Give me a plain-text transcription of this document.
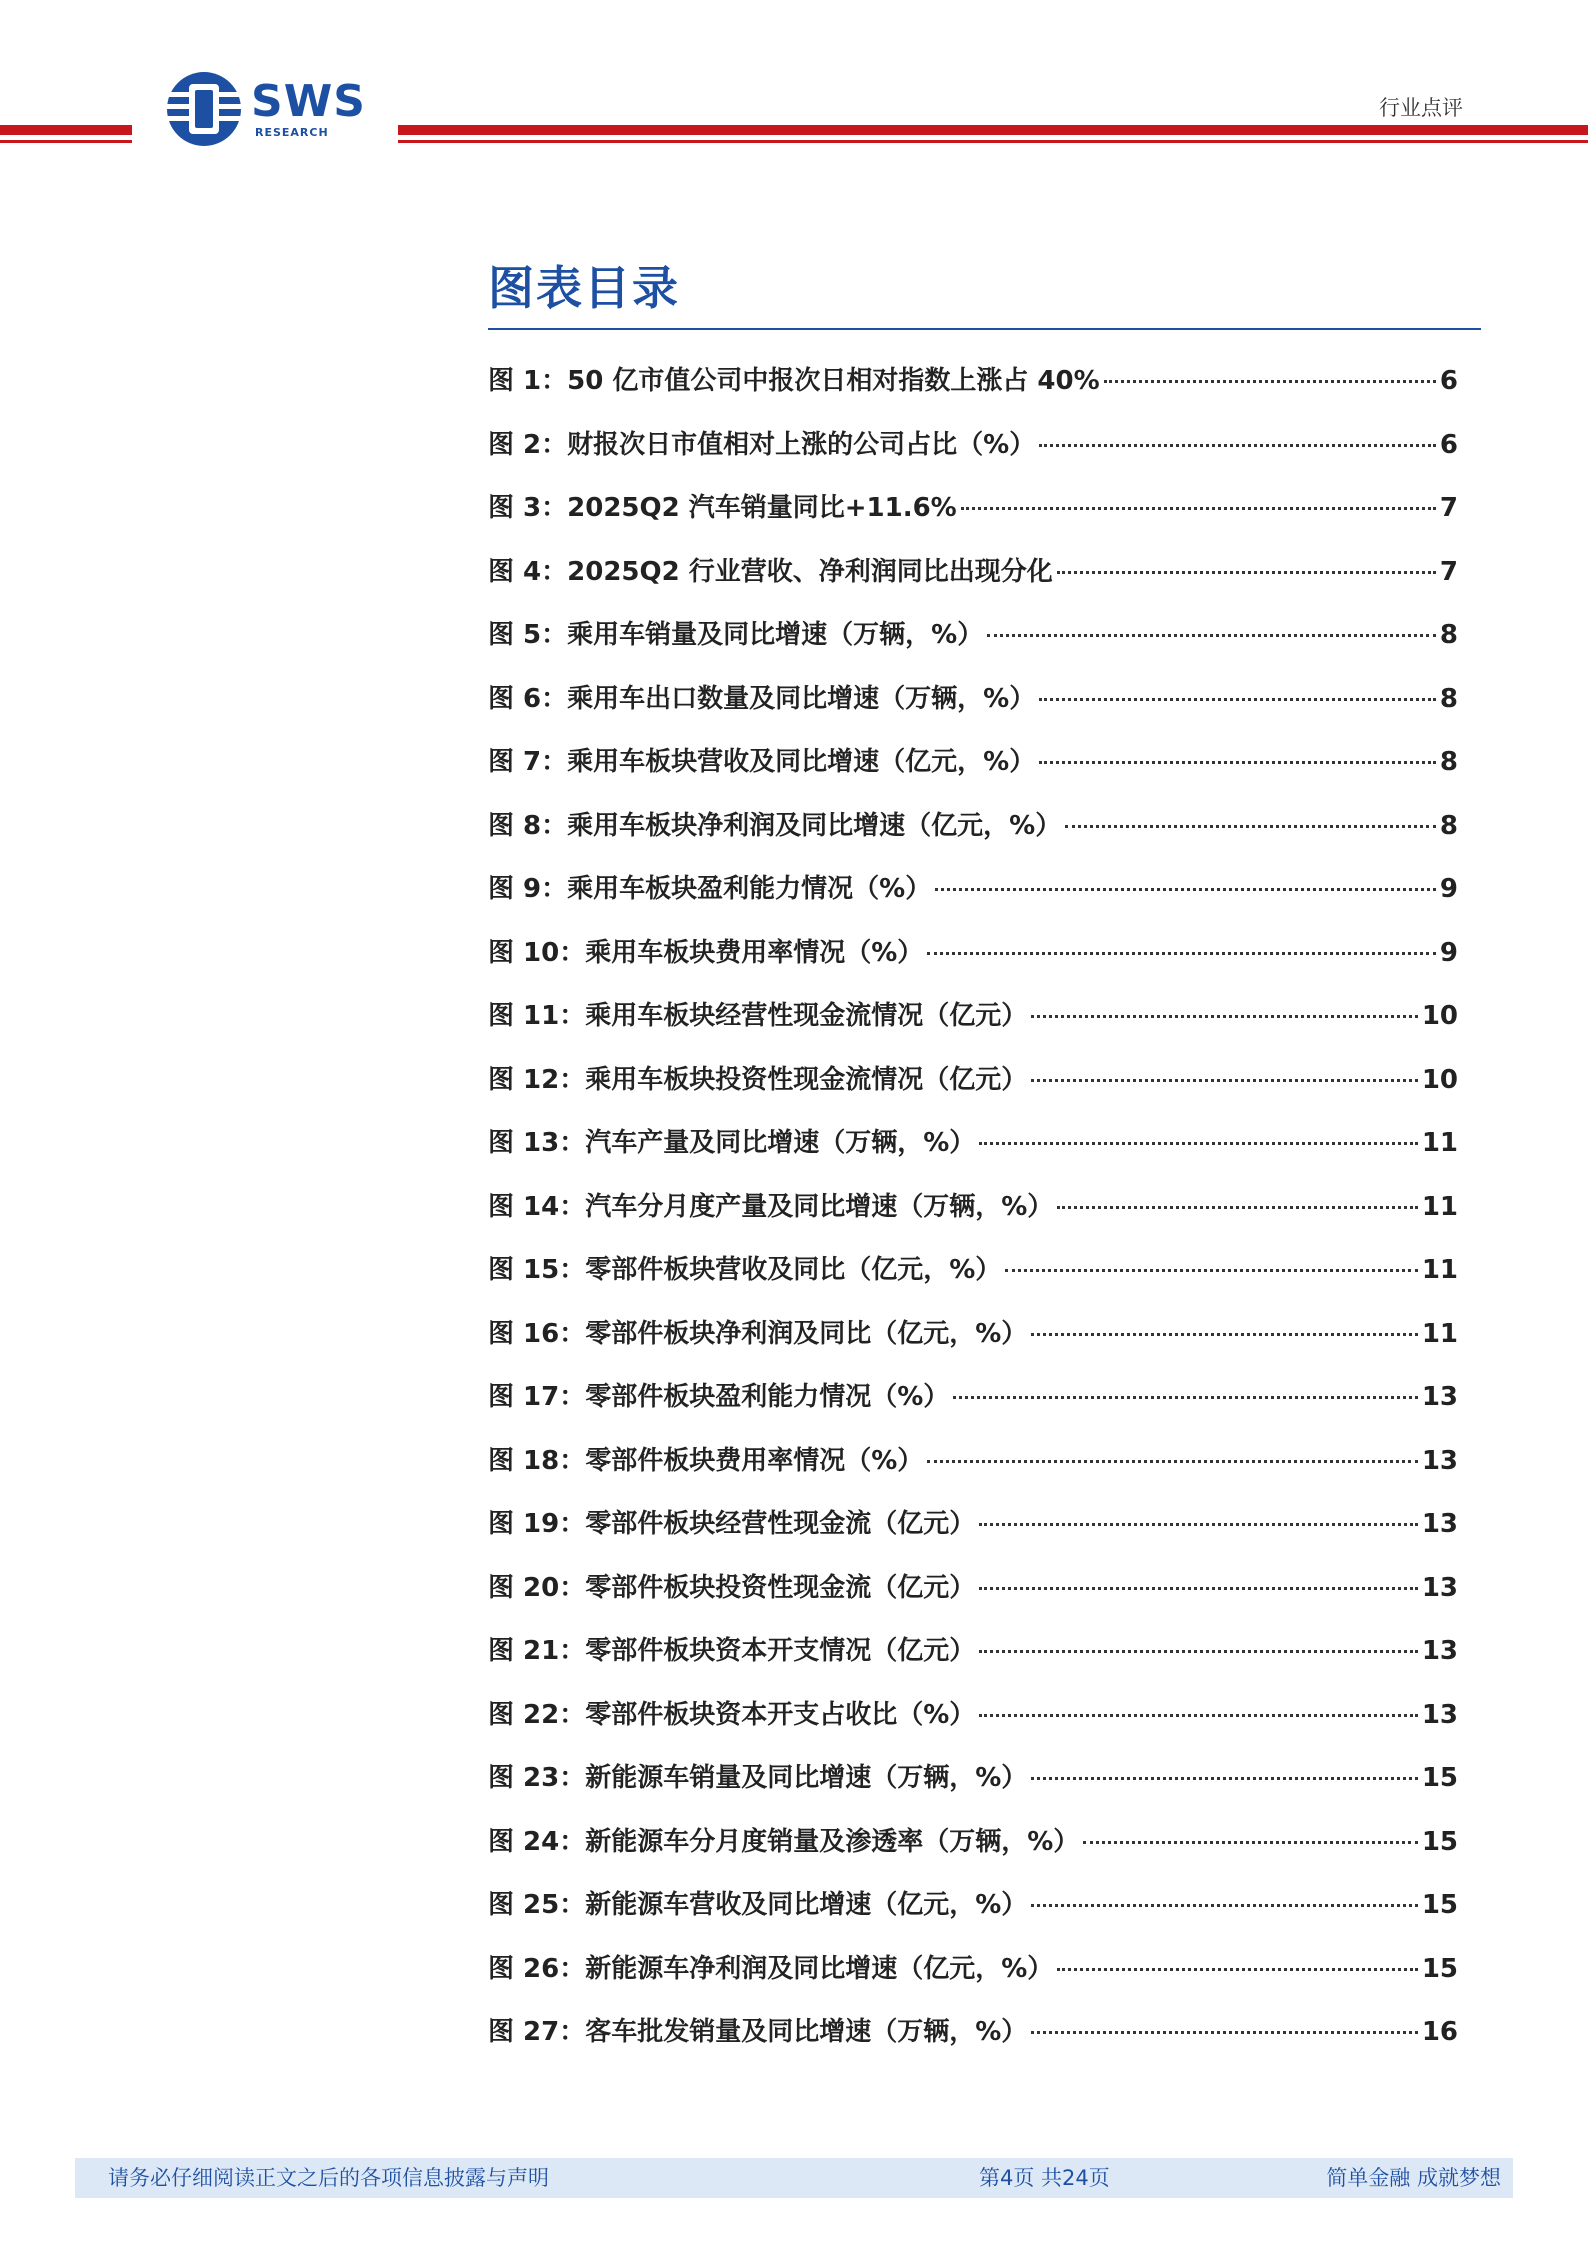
SWS
RESEARCH
行业点评
图表目录
图 1：50 亿市值公司中报次日相对指数上涨占 40%	6
图 2：财报次日市值相对上涨的公司占比（%）	6
图 3：2025Q2 汽车销量同比+11.6%	7
图 4：2025Q2 行业营收、净利润同比出现分化	7
图 5：乘用车销量及同比增速（万辆，%）	8
图 6：乘用车出口数量及同比增速（万辆，%）	8
图 7：乘用车板块营收及同比增速（亿元，%）	8
图 8：乘用车板块净利润及同比增速（亿元，%）	8
图 9：乘用车板块盈利能力情况（%）	9
图 10：乘用车板块费用率情况（%）	9
图 11：乘用车板块经营性现金流情况（亿元）	10
图 12：乘用车板块投资性现金流情况（亿元）	10
图 13：汽车产量及同比增速（万辆，%）	11
图 14：汽车分月度产量及同比增速（万辆，%）	11
图 15：零部件板块营收及同比（亿元，%）	11
图 16：零部件板块净利润及同比（亿元，%）	11
图 17：零部件板块盈利能力情况（%）	13
图 18：零部件板块费用率情况（%）	13
图 19：零部件板块经营性现金流（亿元）	13
图 20：零部件板块投资性现金流（亿元）	13
图 21：零部件板块资本开支情况（亿元）	13
图 22：零部件板块资本开支占收比（%）	13
图 23：新能源车销量及同比增速（万辆，%）	15
图 24：新能源车分月度销量及渗透率（万辆，%）	15
图 25：新能源车营收及同比增速（亿元，%）	15
图 26：新能源车净利润及同比增速（亿元，%）	15
图 27：客车批发销量及同比增速（万辆，%）	16
请务必仔细阅读正文之后的各项信息披露与声明	第4页 共24页	简单金融 成就梦想
